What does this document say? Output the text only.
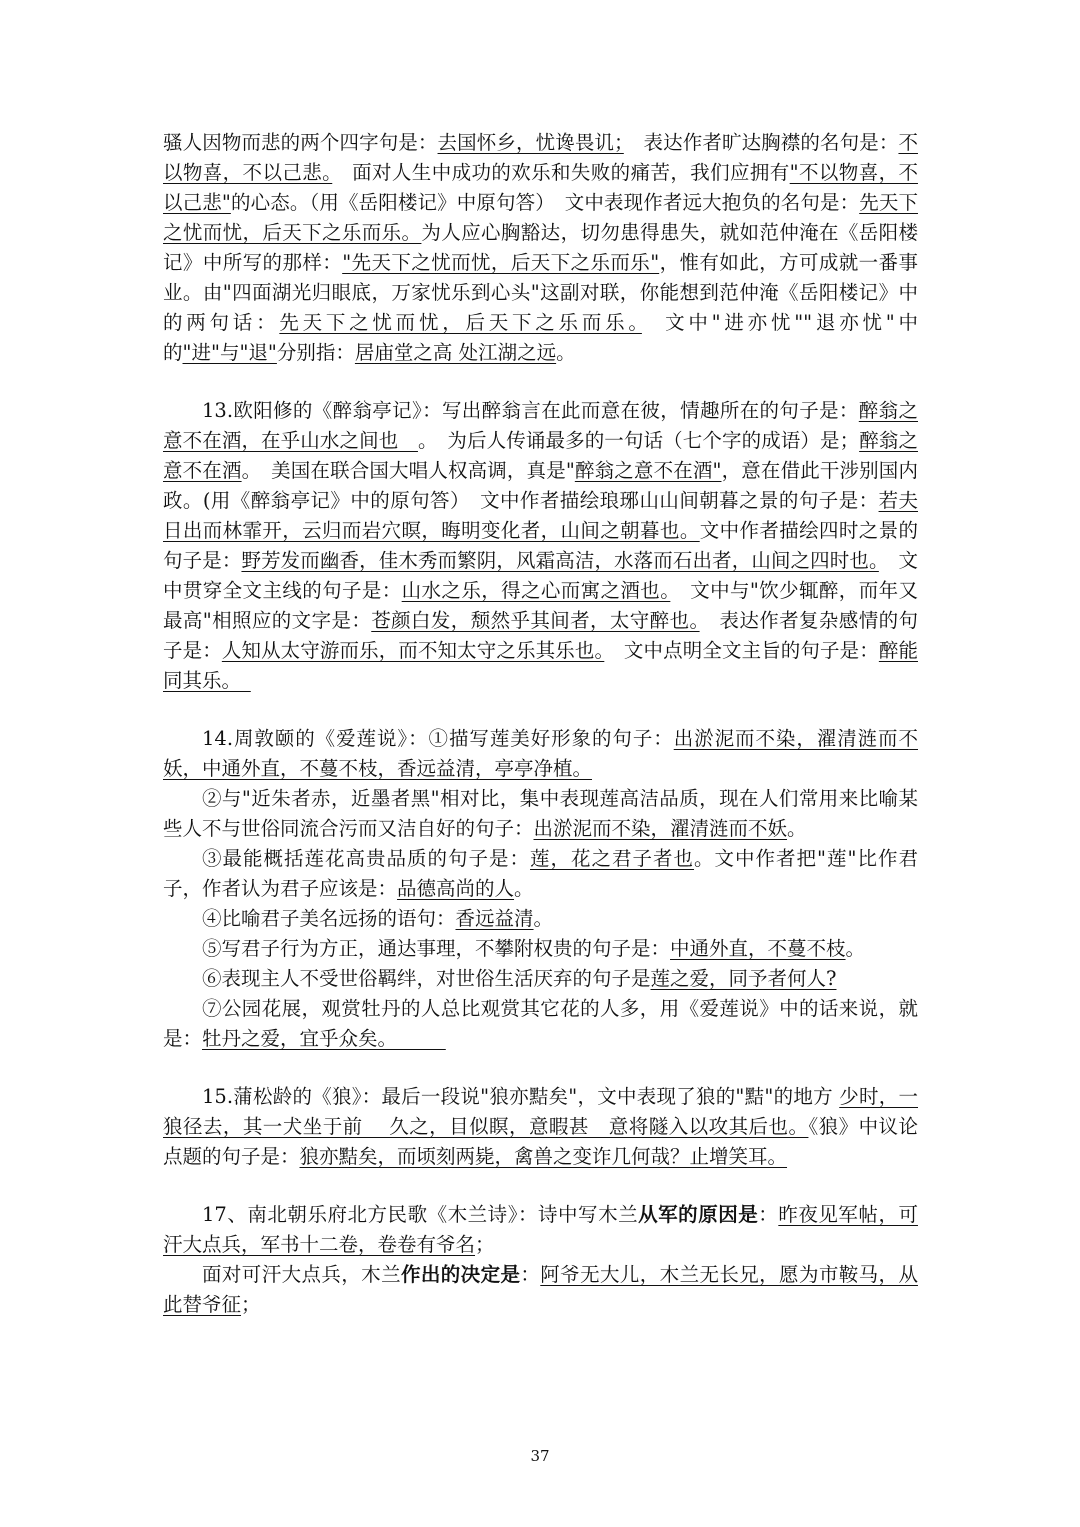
骚人因物而悲的两个四字句是：去国怀乡，忧谗畏讥；　表达作者旷达胸襟的名句是：不以物喜，不以己悲。　面对人生中成功的欢乐和失败的痛苦，我们应拥有"不以物喜，不以己悲"的心态。（用《岳阳楼记》中原句答）　文中表现作者远大抱负的名句是：先天下之忧而忧，后天下之乐而乐。为人应心胸豁达，切勿患得患失，就如范仲淹在《岳阳楼记》中所写的那样："先天下之忧而忧，后天下之乐而乐"，惟有如此，方可成就一番事业。由"四面湖光归眼底，万家忧乐到心头"这副对联，你能想到范仲淹《岳阳楼记》中的两句话：先天下之忧而忧，后天下之乐而乐。　文中"进亦忧""退亦忧"中的"进"与"退"分别指：居庙堂之高 处江湖之远。

13.欧阳修的《醉翁亭记》：写出醉翁言在此而意在彼，情趣所在的句子是：醉翁之意不在酒，在乎山水之间也　。　为后人传诵最多的一句话（七个字的成语）是；醉翁之意不在酒。　美国在联合国大唱人权高调，真是"醉翁之意不在酒"，意在借此干涉别国内政。(用《醉翁亭记》中的原句答）　文中作者描绘琅琊山山间朝暮之景的句子是：若夫日出而林霏开，云归而岩穴暝，晦明变化者，山间之朝暮也。文中作者描绘四时之景的句子是：野芳发而幽香，佳木秀而繁阴，风霜高洁，水落而石出者，山间之四时也。　文中贯穿全文主线的句子是：山水之乐，得之心而寓之酒也。　文中与"饮少辄醉，而年又最高"相照应的文字是：苍颜白发，颓然乎其间者，太守醉也。　表达作者复杂感情的句子是：人知从太守游而乐，而不知太守之乐其乐也。　文中点明全文主旨的句子是：醉能同其乐。　

14.周敦颐的《爱莲说》：①描写莲美好形象的句子：出淤泥而不染，濯清涟而不妖，中通外直，不蔓不枝，香远益清，亭亭净植。

②与"近朱者赤，近墨者黑"相对比，集中表现莲高洁品质，现在人们常用来比喻某些人不与世俗同流合污而又洁自好的句子：出淤泥而不染，濯清涟而不妖。

③最能概括莲花高贵品质的句子是：莲，花之君子者也。文中作者把"莲"比作君子，作者认为君子应该是：品德高尚的人。

④比喻君子美名远扬的语句：香远益清。

⑤写君子行为方正，通达事理，不攀附权贵的句子是：中通外直，不蔓不枝。

⑥表现主人不受世俗羁绊，对世俗生活厌弃的句子是莲之爱，同予者何人?

⑦公园花展，观赏牡丹的人总比观赏其它花的人多，用《爱莲说》中的话来说，就是：牡丹之爱，宜乎众矣。　　　

15.蒲松龄的《狼》：最后一段说"狼亦黠矣"，文中表现了狼的"黠"的地方 少时，一狼径去，其一犬坐于前　 久之，目似瞑，意暇甚　意将隧入以攻其后也。《狼》中议论点题的句子是：狼亦黠矣，而顷刻两毙，禽兽之变诈几何哉？止增笑耳。

17、南北朝乐府北方民歌《木兰诗》：诗中写木兰从军的原因是：昨夜见军帖，可汗大点兵，军书十二卷，卷卷有爷名；

面对可汗大点兵，木兰作出的决定是：阿爷无大儿，木兰无长兄，愿为市鞍马，从此替爷征；

37
